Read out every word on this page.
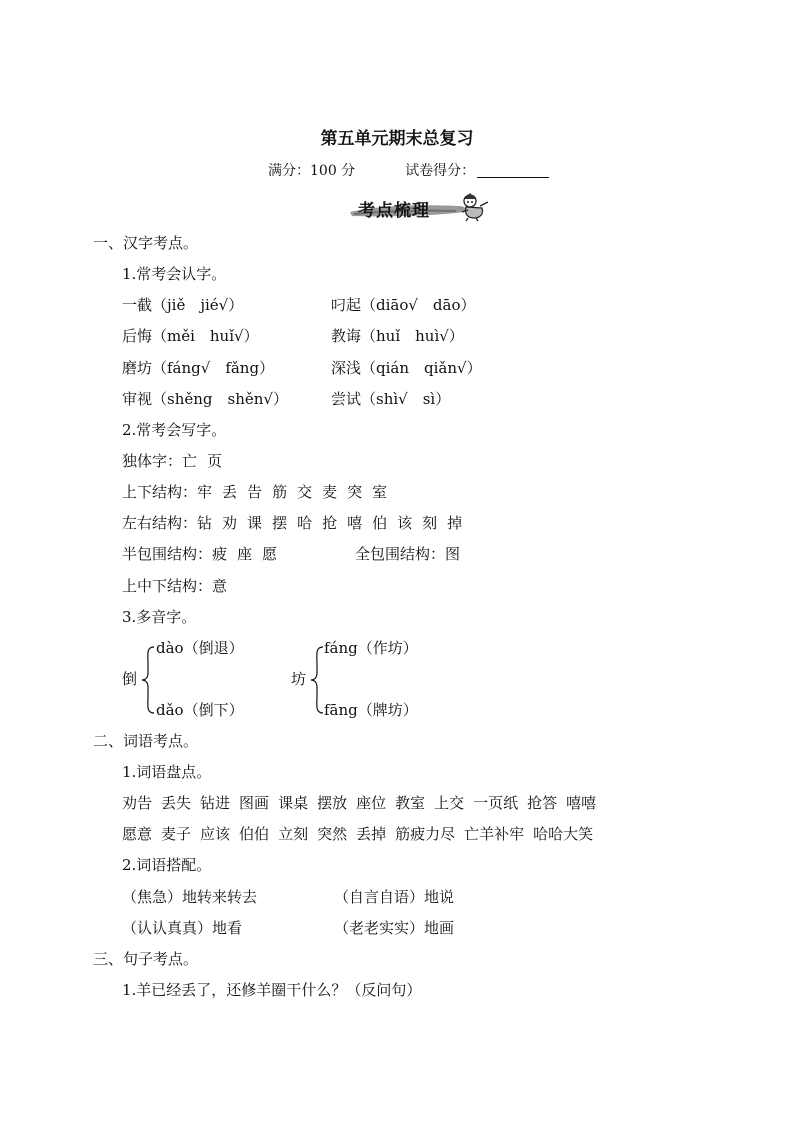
第五单元期末总复习
满分：100 分	试卷得分：
考点梳理
一、汉字考点。
1.常考会认字。
一截（jiě　jié√）	叼起（diāo√　dāo）
后悔（měi　huǐ√）	教诲（huǐ　huì√）
磨坊（fáng√　fǎng）	深浅（qián　qiǎn√）
审视（shěng　shěn√）	尝试（shì√　sì）
2.常考会写字。
独体字：亡 页
上下结构：牢 丢 告 筋 交 麦 突 室
左右结构：钻 劝 课 摆 哈 抢 嘻 伯 该 刻 掉
半包围结构：疲 座 愿	全包围结构：图
上中下结构：意
3.多音字。
倒
dào（倒退）
dǎo（倒下）
坊
fáng（作坊）
fāng（牌坊）
二、词语考点。
1.词语盘点。
劝告 丢失 钻进 图画 课桌 摆放 座位 教室 上交 一页纸 抢答 嘻嘻
愿意 麦子 应该 伯伯 立刻 突然 丢掉 筋疲力尽 亡羊补牢 哈哈大笑
2.词语搭配。
（焦急）地转来转去	（自言自语）地说
（认认真真）地看	（老老实实）地画
三、句子考点。
1.羊已经丢了，还修羊圈干什么？（反问句）
